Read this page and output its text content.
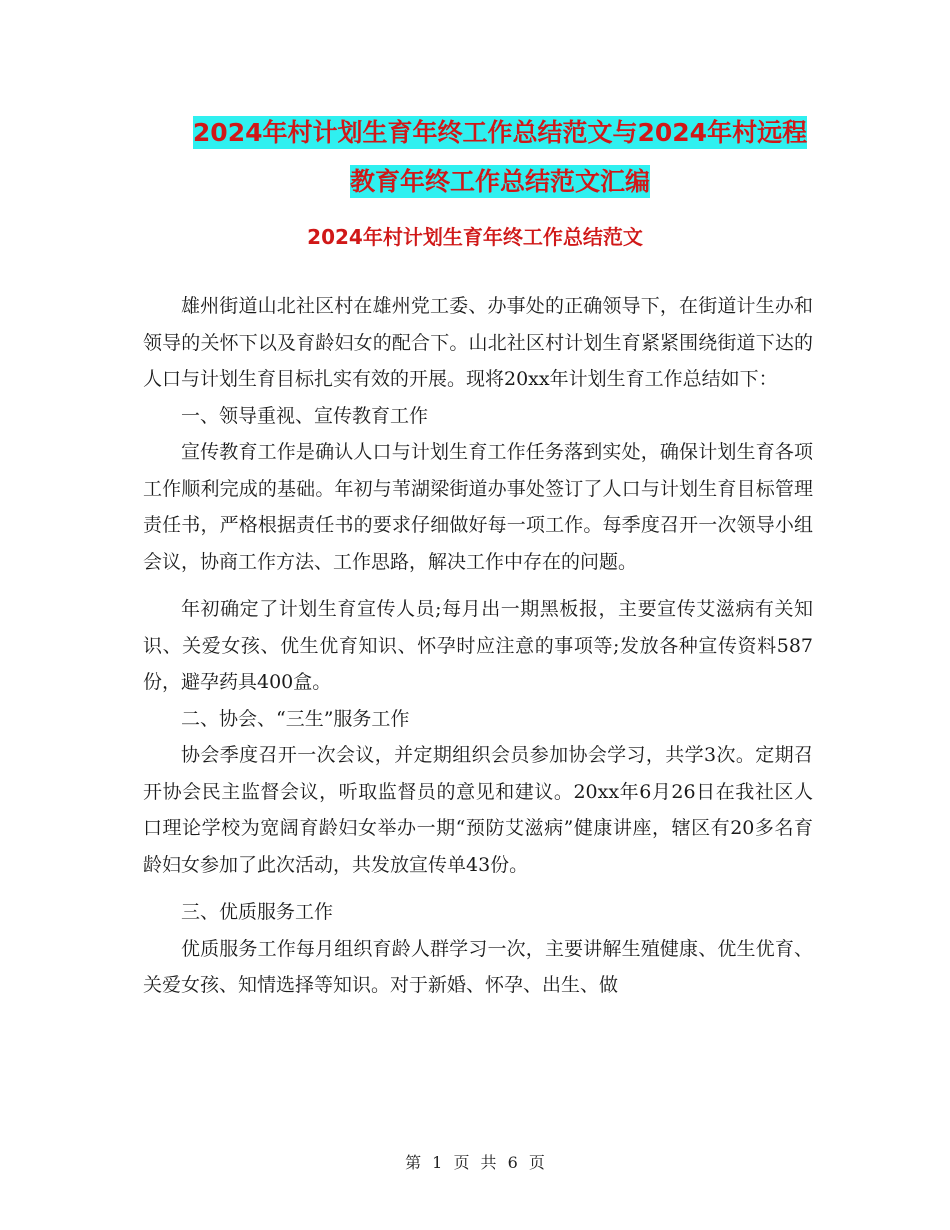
2024年村计划生育年终工作总结范文与2024年村远程
教育年终工作总结范文汇编
2024年村计划生育年终工作总结范文

雄州街道山北社区村在雄州党工委、办事处的正确领导下，在街道计生办和领导的关怀下以及育龄妇女的配合下。山北社区村计划生育紧紧围绕街道下达的人口与计划生育目标扎实有效的开展。现将20xx年计划生育工作总结如下：

一、领导重视、宣传教育工作

宣传教育工作是确认人口与计划生育工作任务落到实处，确保计划生育各项工作顺利完成的基础。年初与苇湖梁街道办事处签订了人口与计划生育目标管理责任书，严格根据责任书的要求仔细做好每一项工作。每季度召开一次领导小组会议，协商工作方法、工作思路，解决工作中存在的问题。

年初确定了计划生育宣传人员;每月出一期黑板报，主要宣传艾滋病有关知识、关爱女孩、优生优育知识、怀孕时应注意的事项等;发放各种宣传资料587份，避孕药具400盒。

二、协会、“三生”服务工作

协会季度召开一次会议，并定期组织会员参加协会学习，共学3次。定期召开协会民主监督会议，听取监督员的意见和建议。20xx年6月26日在我社区人口理论学校为宽阔育龄妇女举办一期“预防艾滋病”健康讲座，辖区有20多名育龄妇女参加了此次活动，共发放宣传单43份。

三、优质服务工作

优质服务工作每月组织育龄人群学习一次，主要讲解生殖健康、优生优育、关爱女孩、知情选择等知识。对于新婚、怀孕、出生、做

第 1 页 共 6 页
